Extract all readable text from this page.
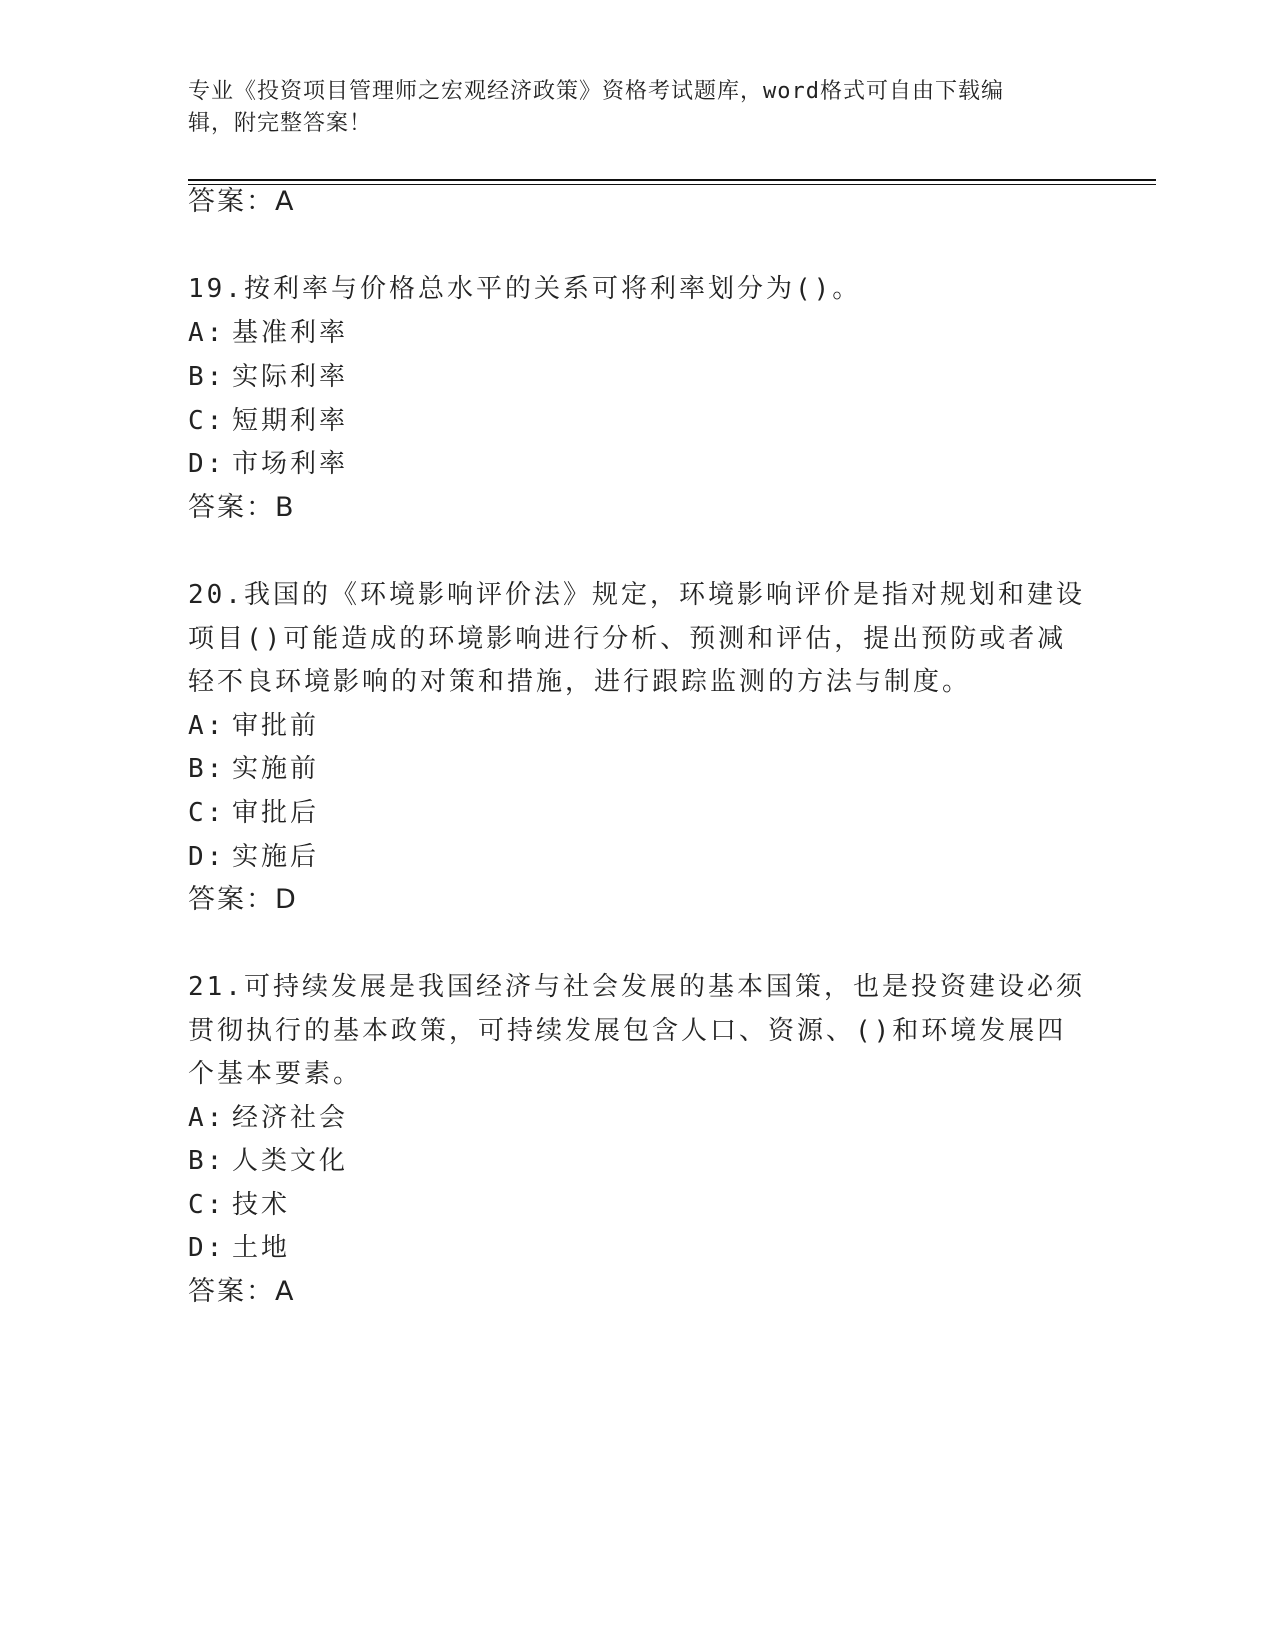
专业《投资项目管理师之宏观经济政策》资格考试题库，word格式可自由下载编
辑，附完整答案！
答案：A
19.按利率与价格总水平的关系可将利率划分为()。
A: 基准利率
B: 实际利率
C: 短期利率
D: 市场利率
答案：B
20.我国的《环境影响评价法》规定，环境影响评价是指对规划和建设
项目()可能造成的环境影响进行分析、预测和评估，提出预防或者减
轻不良环境影响的对策和措施，进行跟踪监测的方法与制度。
A: 审批前
B: 实施前
C: 审批后
D: 实施后
答案：D
21.可持续发展是我国经济与社会发展的基本国策，也是投资建设必须
贯彻执行的基本政策，可持续发展包含人口、资源、()和环境发展四
个基本要素。
A: 经济社会
B: 人类文化
C: 技术
D: 土地
答案：A
